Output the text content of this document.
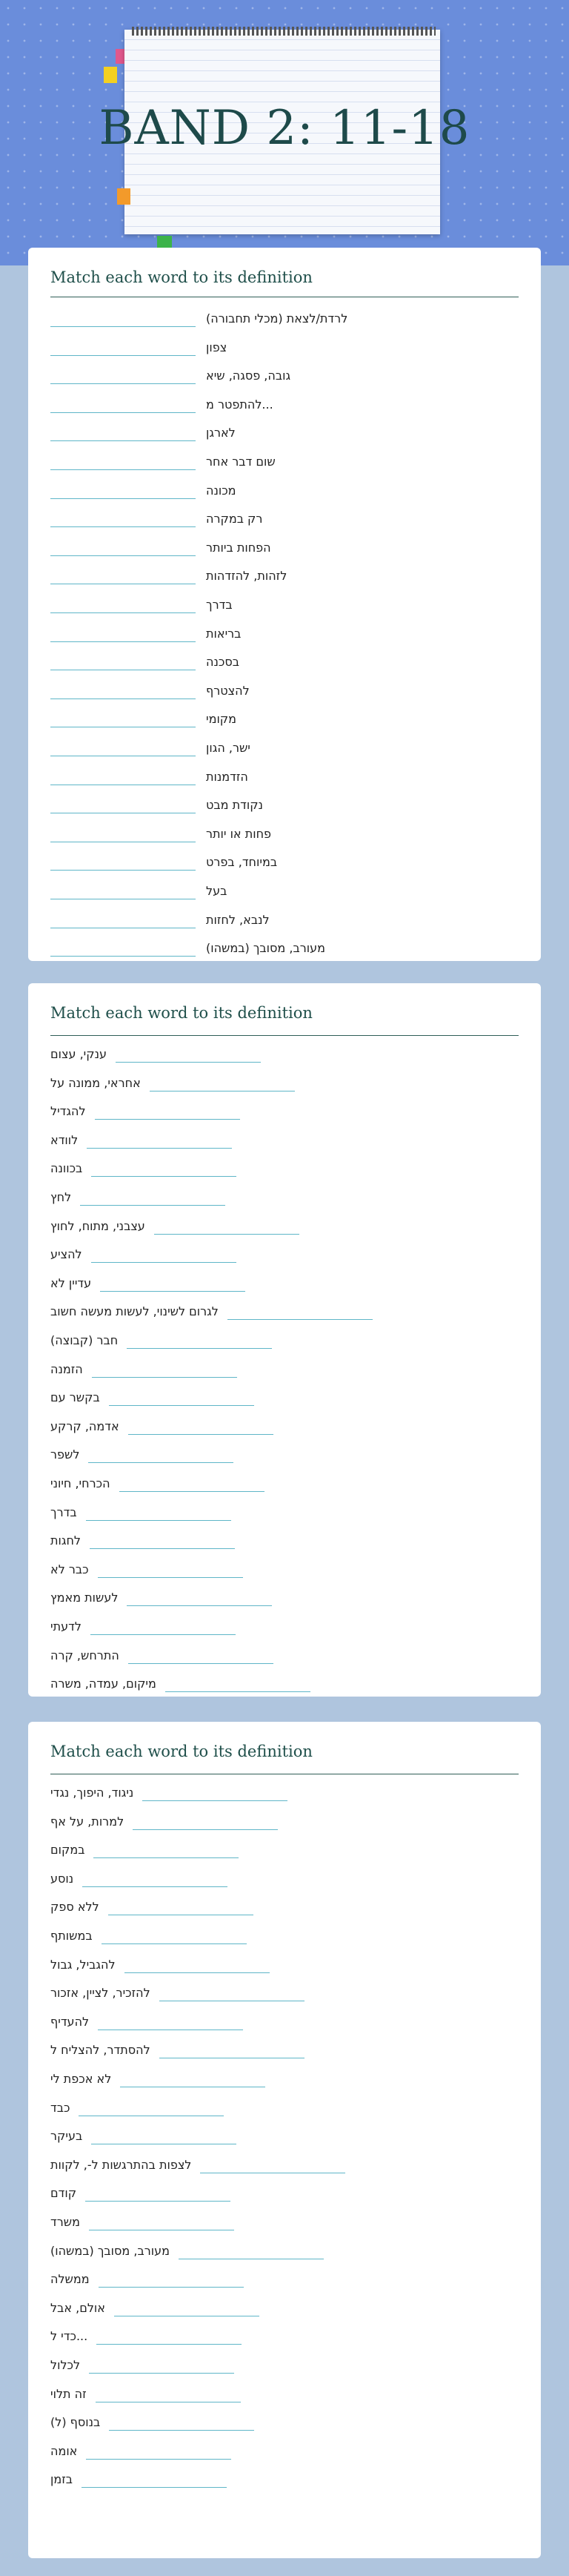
BAND 2: 11-18
Match each word to its definition
לרדת/לצאת (מכלי תחבורה)
צפון
גובה, פסגה, שיא
להתפטר מ...
לארגן
שום דבר אחר
מכונה
רק במקרה
הפחות ביותר
לזהות, להזדהות
בדרך
בריאות
בסכנה
להצטרף
מקומי
ישר, הגון
הזדמנות
נקודת מבט
פחות או יותר
במיוחד, בפרט
בעל
לנבא, לחזות
מעורב, מסובך (במשהו)
Match each word to its definition
ענקי, עצום
אחראי, ממונה על
להגדיל
לוודא
בכוונה
לחץ
עצבני, מתוח, לחוץ
להציע
עדיין לא
לגרום לשינוי, לעשות מעשה חשוב
חבר (קבוצה)
הזמנה
בקשר עם
אדמה, קרקע
לשפר
הכרחי, חיוני
בדרך
לחגות
כבר לא
לעשות מאמץ
לדעתי
התרחש, קרה
מיקום, עמדה, משרה
Match each word to its definition
ניגוד, היפוך, נגדי
למרות, על אף
במקום
נוסע
ללא ספק
במשותף
להגביל, גבול
להזכיר, לציין, אזכור
להעדיף
להסתדר, להצליח ל
לא אכפת לי
כבד
בעיקר
לצפות בהתרגשות ל-, לקוות
קודם
משרד
מעורב, מסובך (במשהו)
ממשלה
אולם, אבל
כדי ל...
לכלול
זה תלוי
בנוסף (ל)
אומה
בזמן
